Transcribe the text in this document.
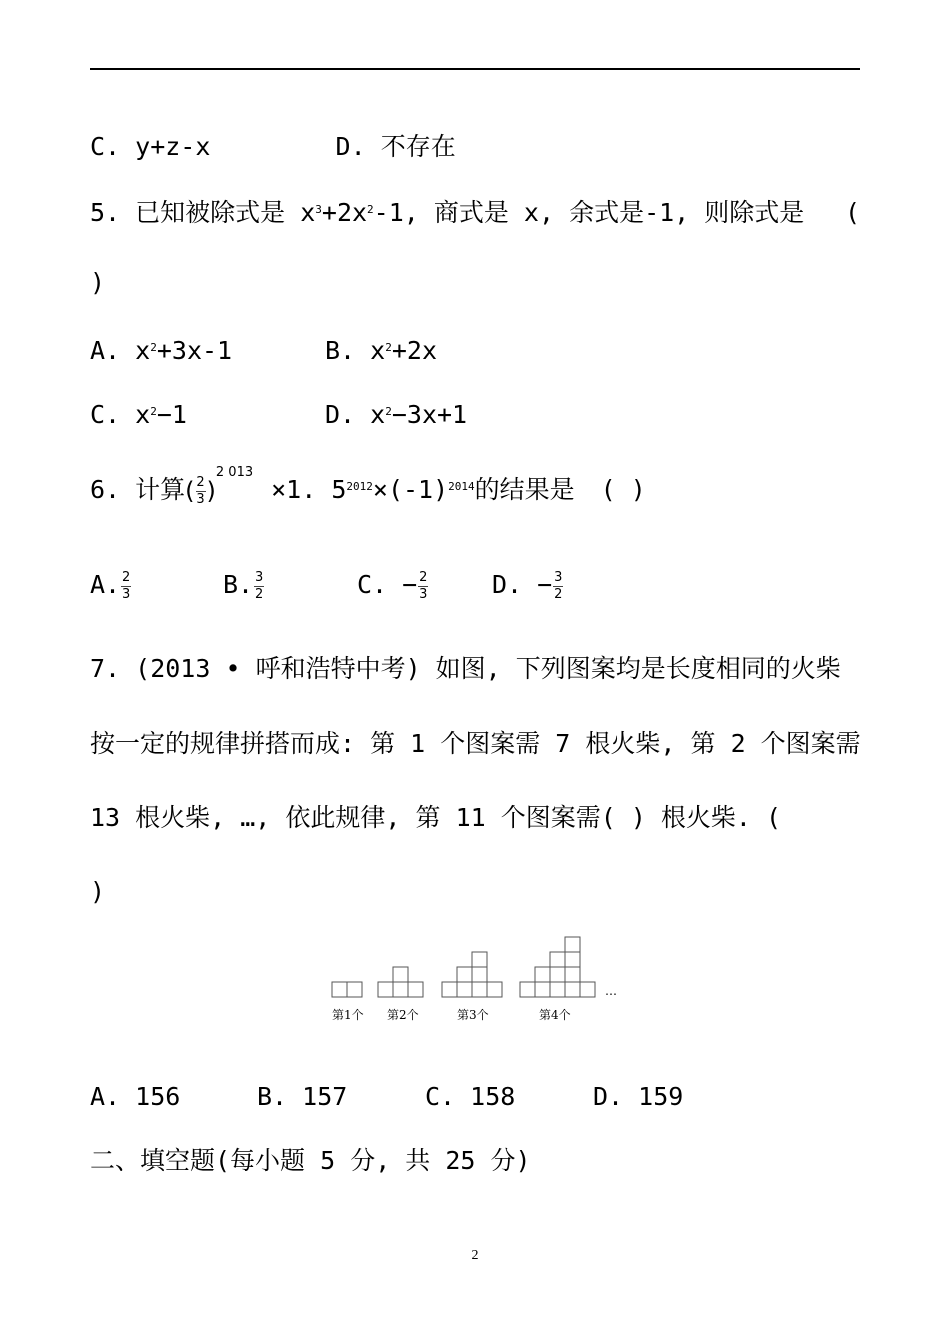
C. y+z-x	D. 不存在
5. 已知被除式是 $x^3+2x^2-1$, 商式是 x, 余式是-1, 则除式是 (
)
A. $x^2+3x-1$	B. $x^2+2x$
C. $x^2-1$	D. $x^2-3x+1$
6. 计算( $\frac{2}{3} )^{2 013}\times 1$. $5^{2012}\times(-1)^{2014}$的结果是 ( )
A. $\frac{2}{3}$	B. $\frac{3}{2}$	C. − $\frac{2}{3}$	D. − $\frac{3}{2}$
7. (2013 • 呼和浩特中考) 如图, 下列图案均是长度相同的火柴
按一定的规律拼搭而成: 第 1 个图案需 7 根火柴, 第 2 个图案需
13 根火柴, …, 依此规律, 第 11 个图案需( ) 根火柴. (
)
…
第1个 第2个	第3个	第4个
A. 156	B. 157	C. 158	D. 159
二、填空题(每小题 5 分, 共 25 分)
2
